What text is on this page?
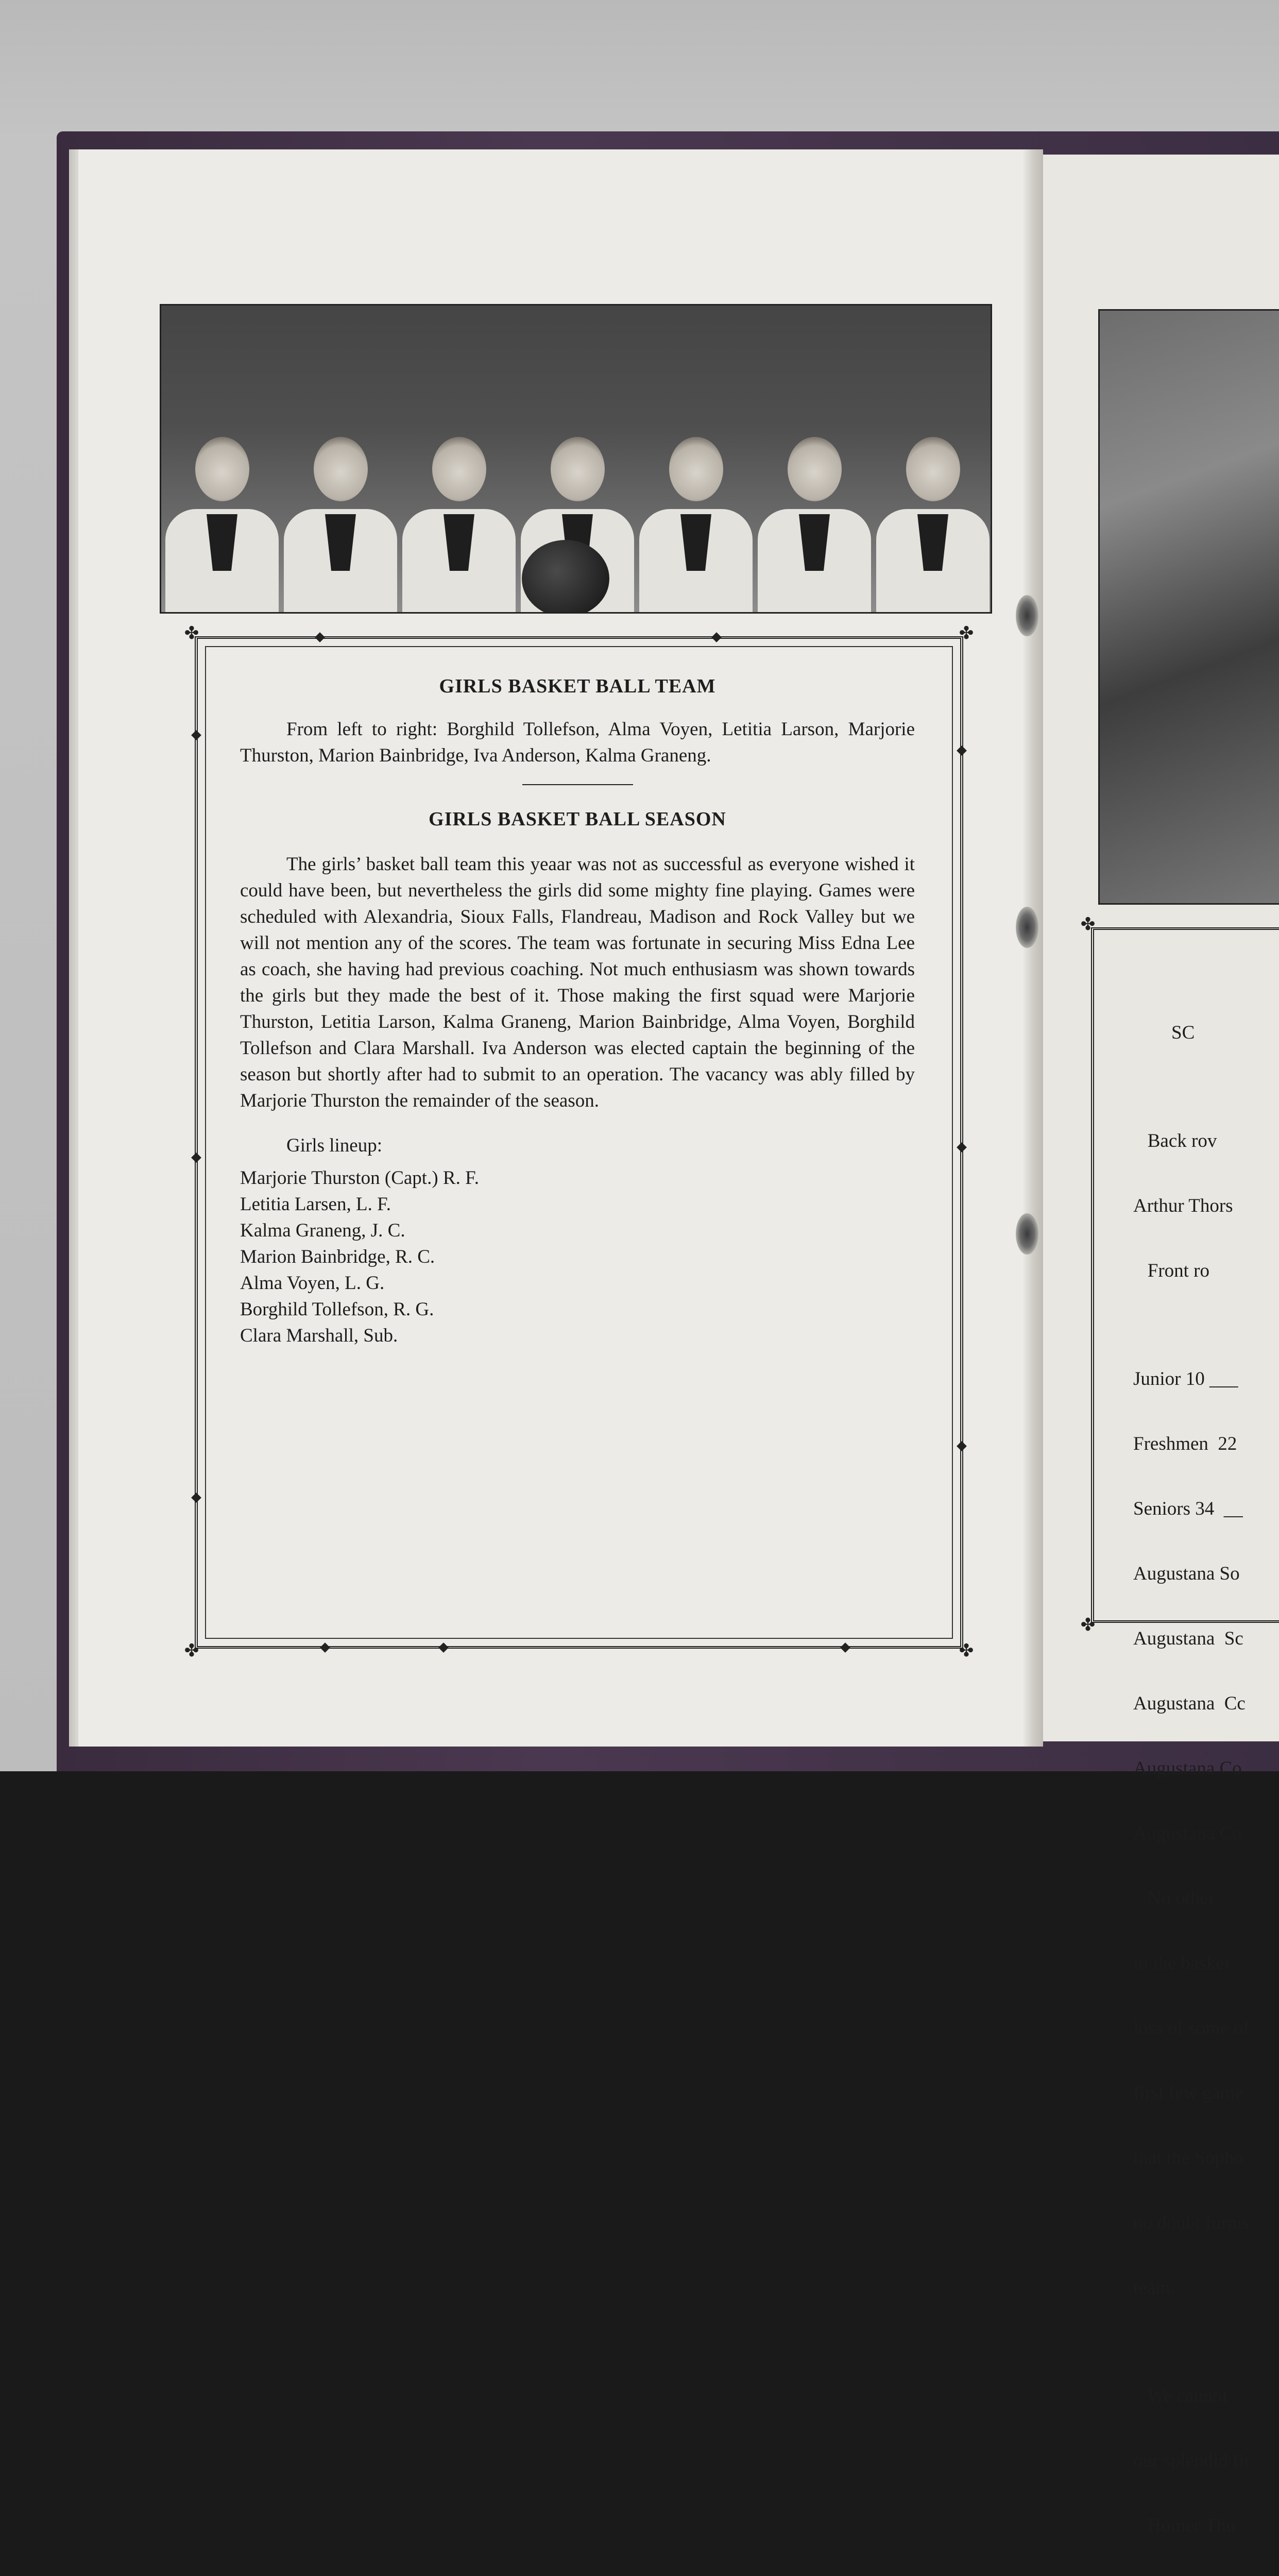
✤	✤
✤	✤
✤
✤
GIRLS BASKET BALL TEAM

From left to right: Borghild Tollefson, Alma Voyen, Letitia Larson, Marjorie Thurston, Marion Bainbridge, Iva Anderson, Kalma Graneng.

GIRLS BASKET BALL SEASON

The girls’ basket ball team this yeaar was not as successful as everyone wished it could have been, but nevertheless the girls did some mighty fine playing. Games were scheduled with Alexandria, Sioux Falls, Flandreau, Madison and Rock Valley but we will not mention any of the scores. The team was fortunate in securing Miss Edna Lee as coach, she having had previous coaching. Not much enthusiasm was shown towards the girls but they made the best of it. Those making the first squad were Marjorie Thurston, Letitia Larson, Kalma Graneng, Marion Bainbridge, Alma Voyen, Borghild Tollefson and Clara Marshall. Iva Anderson was elected captain the beginning of the season but shortly after had to submit to an operation. The vacancy was ably filled by Marjorie Thurston the remainder of the season.

Girls lineup:

Marjorie Thurston (Capt.) R. F.

Letitia Larsen, L. F.

Kalma Graneng, J. C.

Marion Bainbridge, R. C.

Alma Voyen, L. G.

Borghild Tollefson, R. G.

Clara Marshall, Sub.

SC

Back rov

Arthur Thors

Front ro

Junior 10 ___

Freshmen  22

Seniors 34  __

Augustana So

Augustana  Sc

Augustana  Cc

Augustana Co

Augustana Co

No other

in the basket

loss of some of

first few game

that the Sopho

no doubt furnis

team.

We cannot

our splendid fir

Homer Thu
